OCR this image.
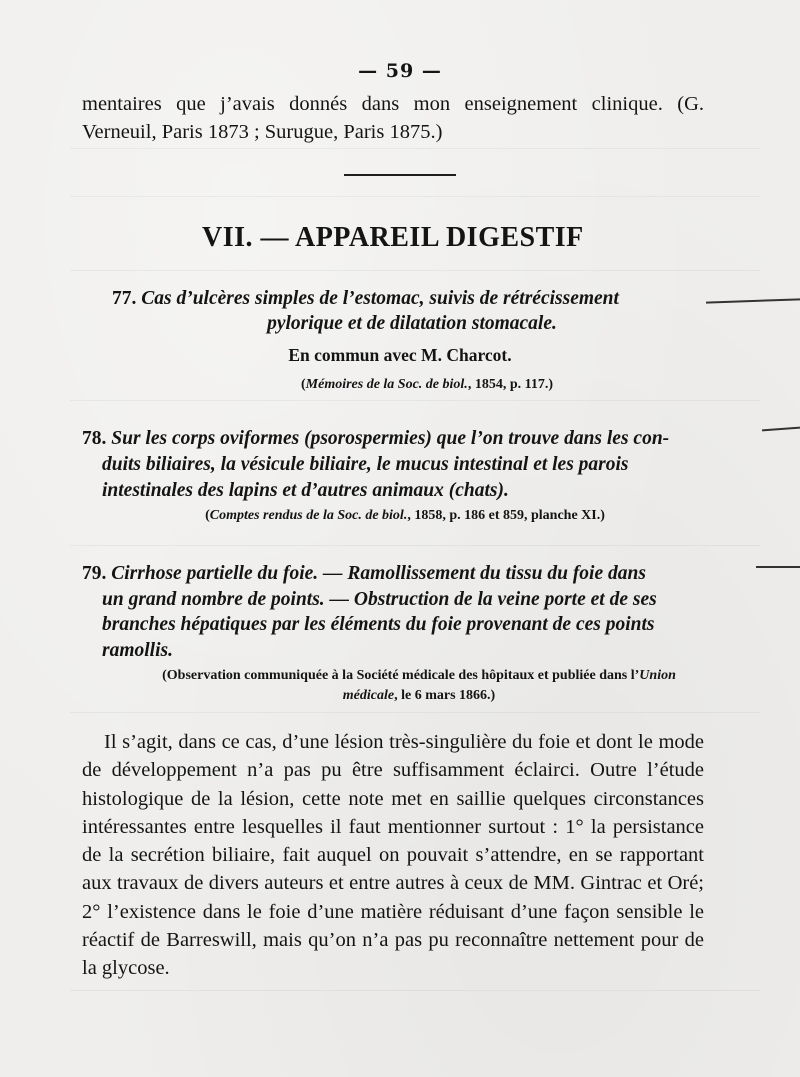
— 59 —
mentaires que j’avais donnés dans mon enseignement clinique. (G. Verneuil, Paris 1873 ; Surugue, Paris 1875.)
VII. — APPAREIL DIGESTIF
77. Cas d’ulcères simples de l’estomac, suivis de rétrécissement
pylorique et de dilatation stomacale.
En commun avec M. Charcot.
(Mémoires de la Soc. de biol., 1854, p. 117.)
78. Sur les corps oviformes (psorospermies) que l’on trouve dans les con-
duits biliaires, la vésicule biliaire, le mucus intestinal et les parois
intestinales des lapins et d’autres animaux (chats).
(Comptes rendus de la Soc. de biol., 1858, p. 186 et 859, planche XI.)
79. Cirrhose partielle du foie. — Ramollissement du tissu du foie dans
un grand nombre de points. — Obstruction de la veine porte et de ses
branches hépatiques par les éléments du foie provenant de ces points
ramollis.
(Observation communiquée à la Société médicale des hôpitaux et publiée dans l’Union
médicale, le 6 mars 1866.)
Il s’agit, dans ce cas, d’une lésion très-singulière du foie et dont le mode de développement n’a pas pu être suffisamment éclairci. Outre l’étude histologique de la lésion, cette note met en saillie quelques circonstances intéressantes entre lesquelles il faut mentionner surtout : 1° la persistance de la secrétion biliaire, fait auquel on pouvait s’attendre, en se rapportant aux travaux de divers auteurs et entre autres à ceux de MM. Gintrac et Oré; 2° l’existence dans le foie d’une matière réduisant d’une façon sensible le réactif de Barreswill, mais qu’on n’a pas pu reconnaître nettement pour de la glycose.
